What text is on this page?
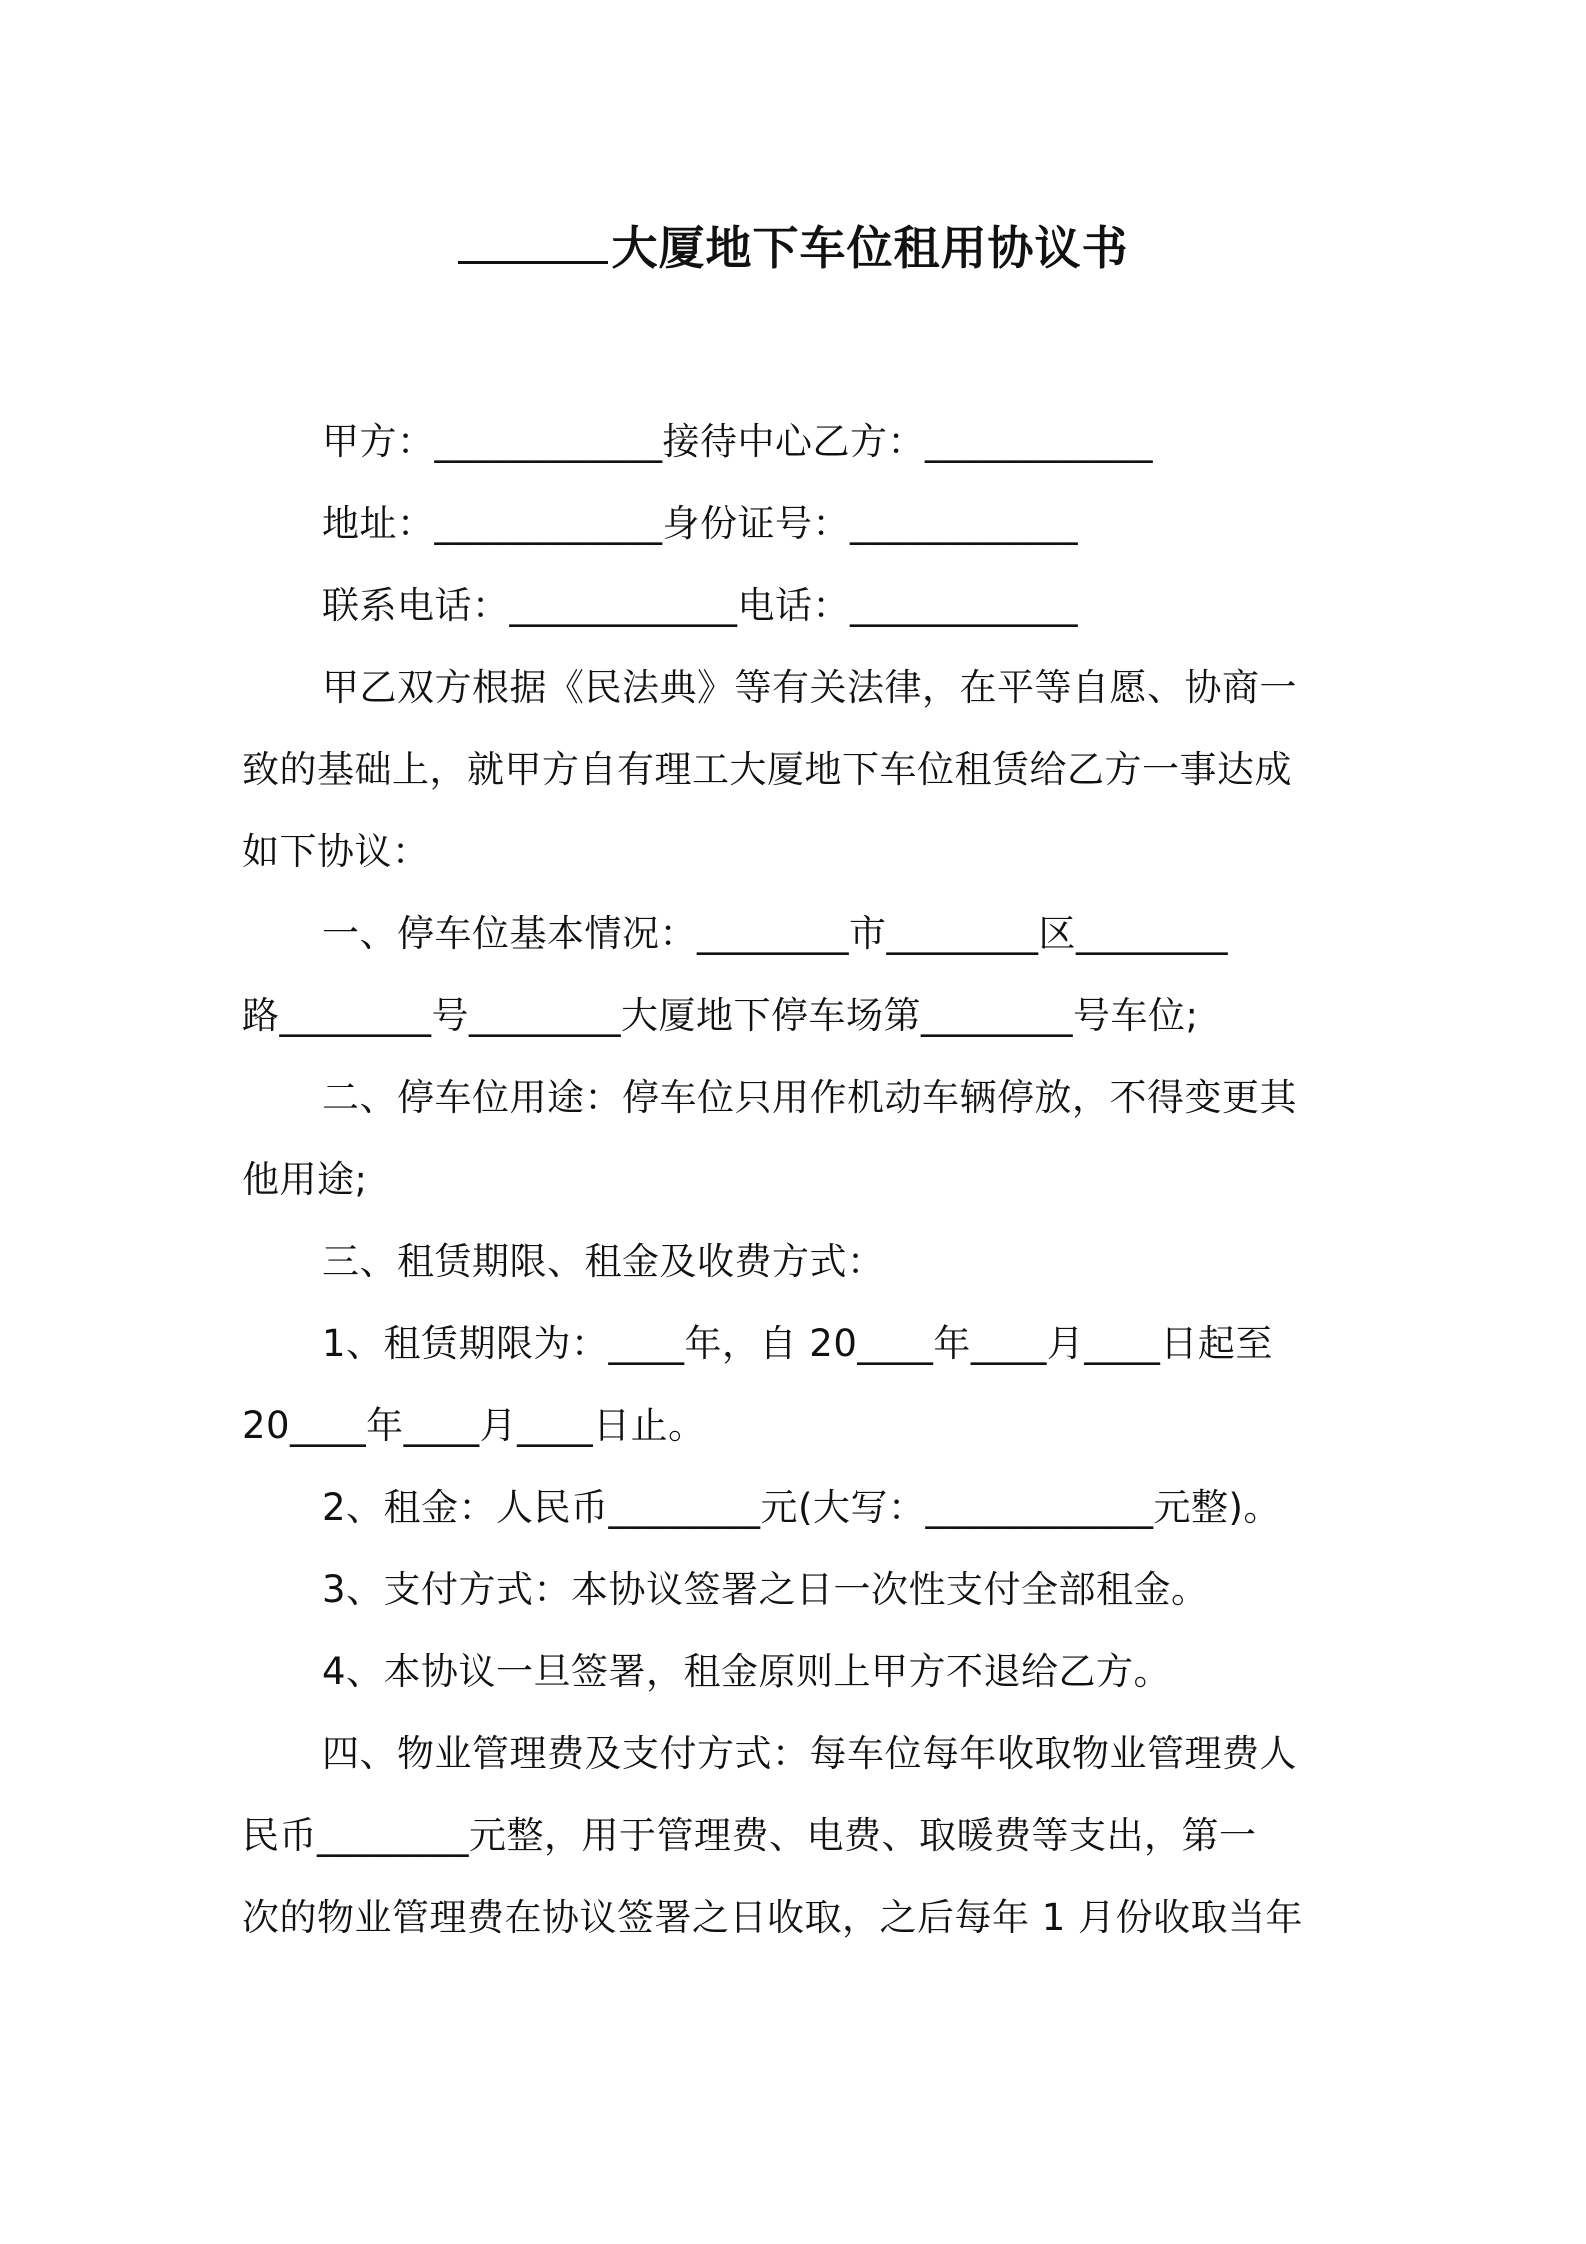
大厦地下车位租用协议书
甲方：____________接待中心乙方：____________
地址：____________身份证号：____________
联系电话：____________电话：____________
甲乙双方根据《民法典》等有关法律，在平等自愿、协商一
致的基础上，就甲方自有理工大厦地下车位租赁给乙方一事达成
如下协议：
一、停车位基本情况：________市________区________
路________号________大厦地下停车场第________号车位;
二、停车位用途：停车位只用作机动车辆停放，不得变更其
他用途;
三、租赁期限、租金及收费方式：
1、租赁期限为：____年，自 20____年____月____日起至
20____年____月____日止。
2、租金：人民币________元(大写：____________元整)。
3、支付方式：本协议签署之日一次性支付全部租金。
4、本协议一旦签署，租金原则上甲方不退给乙方。
四、物业管理费及支付方式：每车位每年收取物业管理费人
民币________元整，用于管理费、电费、取暖费等支出，第一
次的物业管理费在协议签署之日收取，之后每年 1 月份收取当年
